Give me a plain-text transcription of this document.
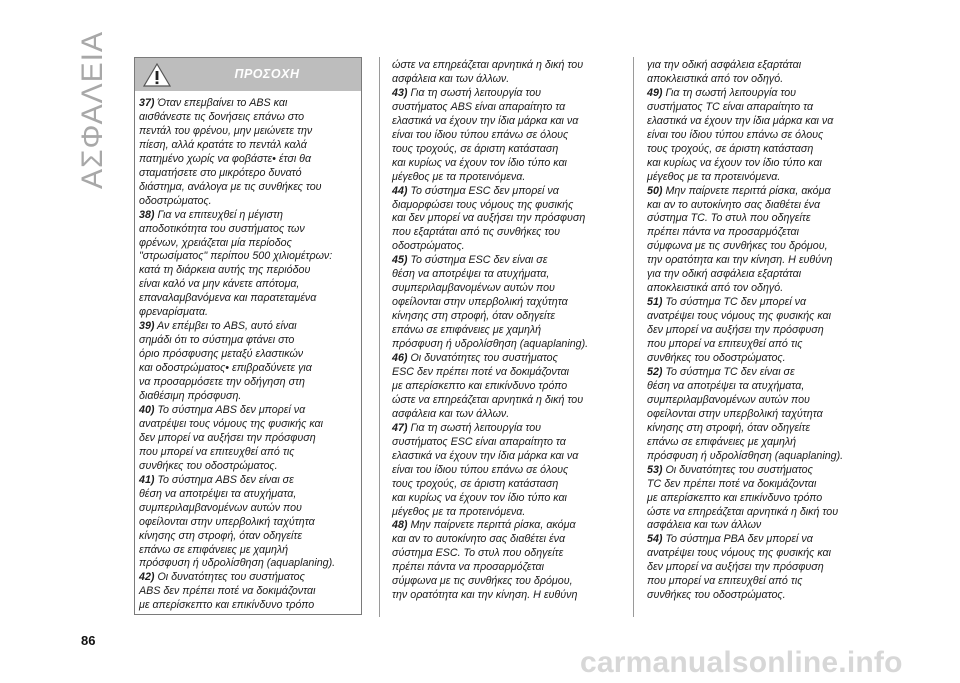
ΑΣΦΑΛΕΙΑ	ΠΡΟΣΟΧΗ

37) Όταν επεμβαίνει το ABS και

αισθάνεστε τις δονήσεις επάνω στο

πεντάλ του φρένου, μην μειώνετε την

πίεση, αλλά κρατάτε το πεντάλ καλά

πατημένο χωρίς να φοβάστε• έτσι θα

σταματήσετε στο μικρότερο δυνατό

διάστημα, ανάλογα με τις συνθήκες του

οδοστρώματος.

38) Για να επιτευχθεί η μέγιστη

αποδοτικότητα του συστήματος των

φρένων, χρειάζεται μία περίοδος

"στρωσίματος" περίπου 500 χιλιομέτρων:

κατά τη διάρκεια αυτής της περιόδου

είναι καλό να μην κάνετε απότομα,

επαναλαμβανόμενα και παρατεταμένα

φρεναρίσματα.

39) Αν επέμβει το ABS, αυτό είναι

σημάδι ότι το σύστημα φτάνει στο

όριο πρόσφυσης μεταξύ ελαστικών

και οδοστρώματος• επιβραδύνετε για

να προσαρμόσετε την οδήγηση στη

διαθέσιμη πρόσφυση.

40) Το σύστημα ABS δεν μπορεί να

ανατρέψει τους νόμους της φυσικής και

δεν μπορεί να αυξήσει την πρόσφυση

που μπορεί να επιτευχθεί από τις

συνθήκες του οδοστρώματος.

41) Το σύστημα ABS δεν είναι σε

θέση να αποτρέψει τα ατυχήματα,

συμπεριλαμβανομένων αυτών που

οφείλονται στην υπερβολική ταχύτητα

κίνησης στη στροφή, όταν οδηγείτε

επάνω σε επιφάνειες με χαμηλή

πρόσφυση ή υδρολίσθηση (aquaplaning).

42) Οι δυνατότητες του συστήματος

ABS δεν πρέπει ποτέ να δοκιμάζονται

με απερίσκεπτο και επικίνδυνο τρόπο

ώστε να επηρεάζεται αρνητικά η δική του

ασφάλεια και των άλλων.

43) Για τη σωστή λειτουργία του

συστήματος ABS είναι απαραίτητο τα

ελαστικά να έχουν την ίδια μάρκα και να

είναι του ίδιου τύπου επάνω σε όλους

τους τροχούς, σε άριστη κατάσταση

και κυρίως να έχουν τον ίδιο τύπο και

μέγεθος με τα προτεινόμενα.

44) Το σύστημα ESC δεν μπορεί να

διαμορφώσει τους νόμους της φυσικής

και δεν μπορεί να αυξήσει την πρόσφυση

που εξαρτάται από τις συνθήκες του

οδοστρώματος.

45) Το σύστημα ESC δεν είναι σε

θέση να αποτρέψει τα ατυχήματα,

συμπεριλαμβανομένων αυτών που

οφείλονται στην υπερβολική ταχύτητα

κίνησης στη στροφή, όταν οδηγείτε

επάνω σε επιφάνειες με χαμηλή

πρόσφυση ή υδρολίσθηση (aquaplaning).

46) Οι δυνατότητες του συστήματος

ESC δεν πρέπει ποτέ να δοκιμάζονται

με απερίσκεπτο και επικίνδυνο τρόπο

ώστε να επηρεάζεται αρνητικά η δική του

ασφάλεια και των άλλων.

47) Για τη σωστή λειτουργία του

συστήματος ESC είναι απαραίτητο τα

ελαστικά να έχουν την ίδια μάρκα και να

είναι του ίδιου τύπου επάνω σε όλους

τους τροχούς, σε άριστη κατάσταση

και κυρίως να έχουν τον ίδιο τύπο και

μέγεθος με τα προτεινόμενα.

48) Μην παίρνετε περιττά ρίσκα, ακόμα

και αν το αυτοκίνητο σας διαθέτει ένα

σύστημα ESC. Το στυλ που οδηγείτε

πρέπει πάντα να προσαρμόζεται

σύμφωνα με τις συνθήκες του δρόμου,

την ορατότητα και την κίνηση. Η ευθύνη

για την οδική ασφάλεια εξαρτάται

αποκλειστικά από τον οδηγό.

49) Για τη σωστή λειτουργία του

συστήματος TC είναι απαραίτητο τα

ελαστικά να έχουν την ίδια μάρκα και να

είναι του ίδιου τύπου επάνω σε όλους

τους τροχούς, σε άριστη κατάσταση

και κυρίως να έχουν τον ίδιο τύπο και

μέγεθος με τα προτεινόμενα.

50) Μην παίρνετε περιττά ρίσκα, ακόμα

και αν το αυτοκίνητο σας διαθέτει ένα

σύστημα TC. Το στυλ που οδηγείτε

πρέπει πάντα να προσαρμόζεται

σύμφωνα με τις συνθήκες του δρόμου,

την ορατότητα και την κίνηση. Η ευθύνη

για την οδική ασφάλεια εξαρτάται

αποκλειστικά από τον οδηγό.

51) Το σύστημα TC δεν μπορεί να

ανατρέψει τους νόμους της φυσικής και

δεν μπορεί να αυξήσει την πρόσφυση

που μπορεί να επιτευχθεί από τις

συνθήκες του οδοστρώματος.

52) Το σύστημα TC δεν είναι σε

θέση να αποτρέψει τα ατυχήματα,

συμπεριλαμβανομένων αυτών που

οφείλονται στην υπερβολική ταχύτητα

κίνησης στη στροφή, όταν οδηγείτε

επάνω σε επιφάνειες με χαμηλή

πρόσφυση ή υδρολίσθηση (aquaplaning).

53) Οι δυνατότητες του συστήματος

TC δεν πρέπει ποτέ να δοκιμάζονται

με απερίσκεπτο και επικίνδυνο τρόπο

ώστε να επηρεάζεται αρνητικά η δική του

ασφάλεια και των άλλων

54) Το σύστημα PBA δεν μπορεί να

ανατρέψει τους νόμους της φυσικής και

δεν μπορεί να αυξήσει την πρόσφυση

που μπορεί να επιτευχθεί από τις

συνθήκες του οδοστρώματος.

86
carmanualsonline.info
